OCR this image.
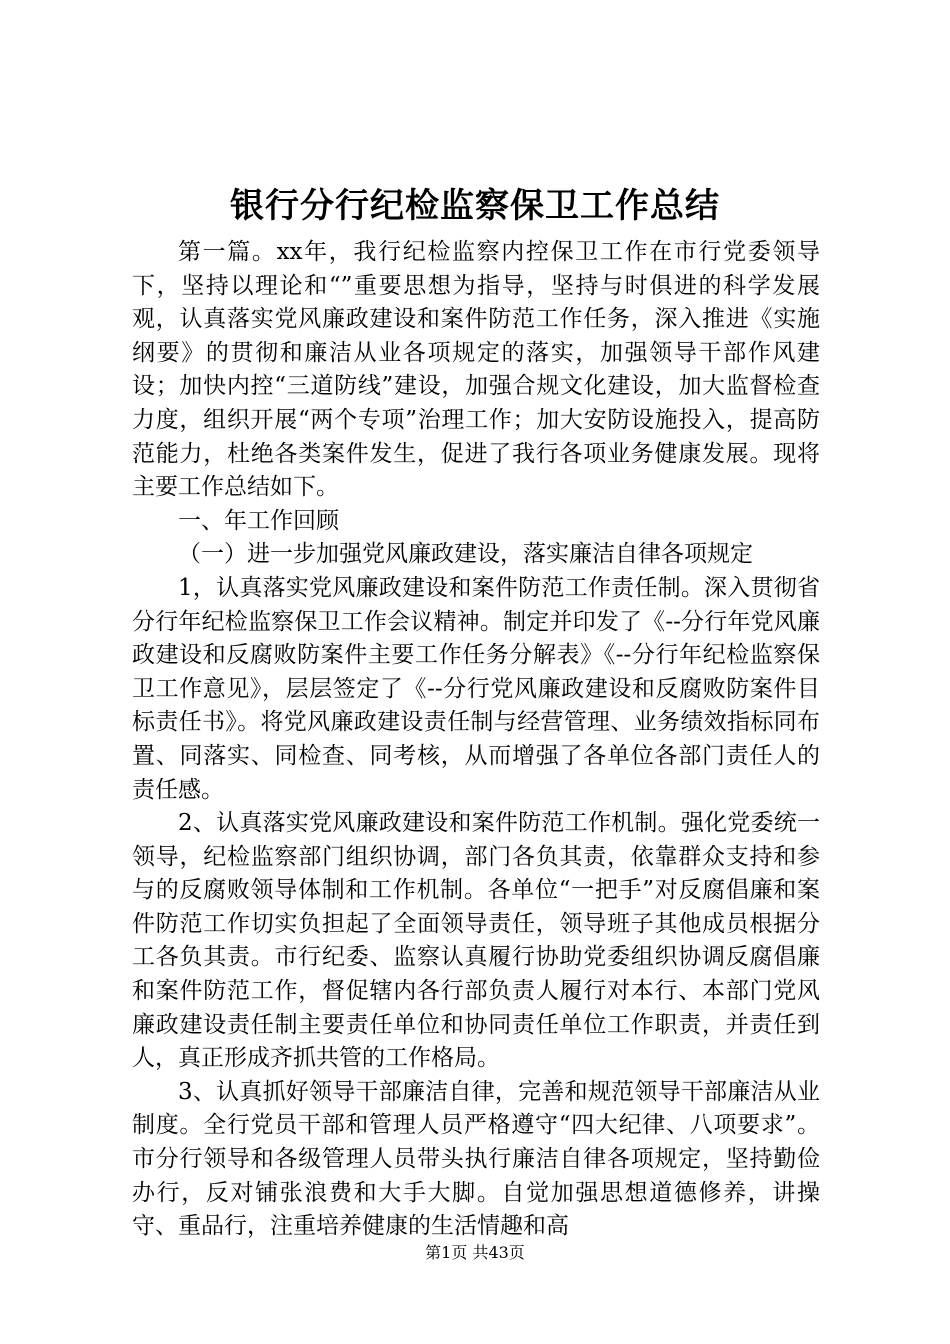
银行分行纪检监察保卫工作总结

第一篇。xx年，我行纪检监察内控保卫工作在市行党委领导下，坚持以理论和“”重要思想为指导，坚持与时俱进的科学发展观，认真落实党风廉政建设和案件防范工作任务，深入推进《实施纲要》的贯彻和廉洁从业各项规定的落实，加强领导干部作风建设；加快内控“三道防线”建设，加强合规文化建设，加大监督检查力度，组织开展“两个专项”治理工作；加大安防设施投入，提高防范能力，杜绝各类案件发生，促进了我行各项业务健康发展。现将主要工作总结如下。

一、年工作回顾

（一）进一步加强党风廉政建设，落实廉洁自律各项规定

1，认真落实党风廉政建设和案件防范工作责任制。深入贯彻省分行年纪检监察保卫工作会议精神。制定并印发了《--分行年党风廉政建设和反腐败防案件主要工作任务分解表》《--分行年纪检监察保卫工作意见》，层层签定了《--分行党风廉政建设和反腐败防案件目标责任书》。将党风廉政建设责任制与经营管理、业务绩效指标同布置、同落实、同检查、同考核，从而增强了各单位各部门责任人的责任感。

2、认真落实党风廉政建设和案件防范工作机制。强化党委统一领导，纪检监察部门组织协调，部门各负其责，依靠群众支持和参与的反腐败领导体制和工作机制。各单位“一把手”对反腐倡廉和案件防范工作切实负担起了全面领导责任，领导班子其他成员根据分工各负其责。市行纪委、监察认真履行协助党委组织协调反腐倡廉和案件防范工作，督促辖内各行部负责人履行对本行、本部门党风廉政建设责任制主要责任单位和协同责任单位工作职责，并责任到人，真正形成齐抓共管的工作格局。

3、认真抓好领导干部廉洁自律，完善和规范领导干部廉洁从业制度。全行党员干部和管理人员严格遵守“四大纪律、八项要求”。市分行领导和各级管理人员带头执行廉洁自律各项规定，坚持勤俭办行，反对铺张浪费和大手大脚。自觉加强思想道德修养，讲操守、重品行，注重培养健康的生活情趣和高

第1页 共43页
